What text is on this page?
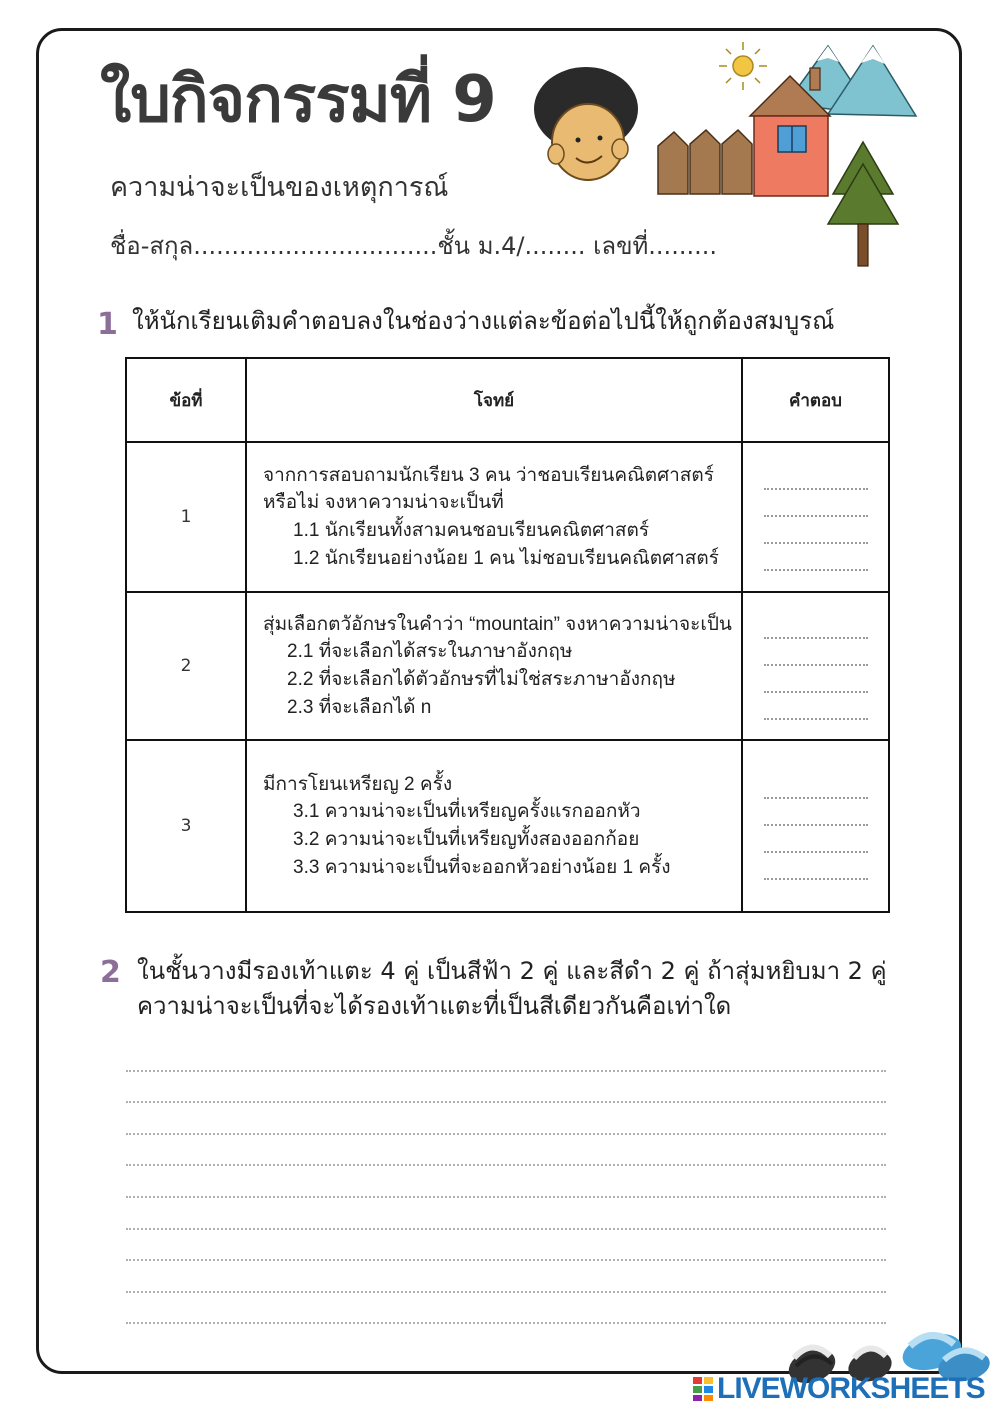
ใบกิจกรรมที่ 9
ความน่าจะเป็นของเหตุการณ์
ชื่อ-สกุล................................ชั้น ม.4/........ เลขที่.........
1 ให้นักเรียนเติมคำตอบลงในช่องว่างแต่ละข้อต่อไปนี้ให้ถูกต้องสมบูรณ์
ข้อที่	โจทย์	คำตอบ
1	จากการสอบถามนักเรียน 3 คน ว่าชอบเรียนคณิตศาสตร์
หรือไม่ จงหาความน่าจะเป็นที่
1.1 นักเรียนทั้งสามคนชอบเรียนคณิตศาสตร์
1.2 นักเรียนอย่างน้อย 1 คน ไม่ชอบเรียนคณิตศาสตร์	

2	สุ่มเลือกตวัอักษรในคำว่า “mountain” จงหาความน่าจะเป็น
2.1 ที่จะเลือกได้สระในภาษาอังกฤษ
2.2 ที่จะเลือกได้ตัวอักษรที่ไม่ใช่สระภาษาอังกฤษ
2.3 ที่จะเลือกได้ n	

3	มีการโยนเหรียญ 2 ครั้ง
3.1 ความน่าจะเป็นที่เหรียญครั้งแรกออกหัว
3.2 ความน่าจะเป็นที่เหรียญทั้งสองออกก้อย
3.3 ความน่าจะเป็นที่จะออกหัวอย่างน้อย 1 ครั้ง	

2 ในชั้นวางมีรองเท้าแตะ 4 คู่ เป็นสีฟ้า 2 คู่ และสีดำ 2 คู่ ถ้าสุ่มหยิบมา 2 คู่
ความน่าจะเป็นที่จะได้รองเท้าแตะที่เป็นสีเดียวกันคือเท่าใด
LIVEWORKSHEETS
